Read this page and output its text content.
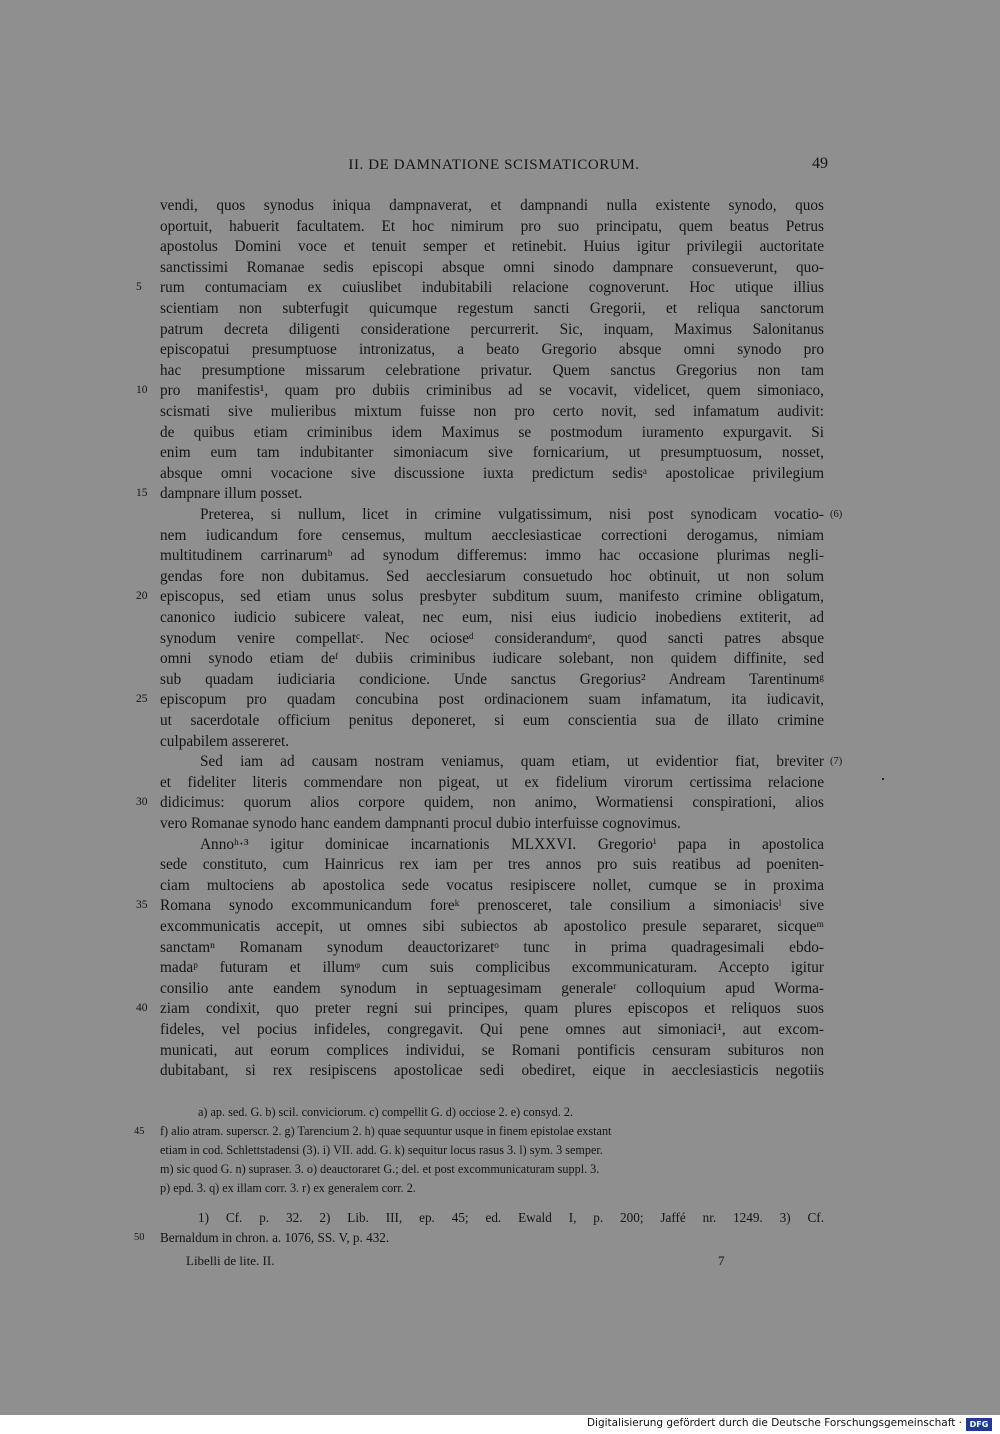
II. DE DAMNATIONE SCISMATICORUM.	49
vendi, quos synodus iniqua dampnaverat, et dampnandi nulla existente synodo, quos
oportuit, habuerit facultatem. Et hoc nimirum pro suo principatu, quem beatus Petrus
apostolus Domini voce et tenuit semper et retinebit. Huius igitur privilegii auctoritate
sanctissimi Romanae sedis episcopi absque omni sinodo dampnare consueverunt, quo-
rum contumaciam ex cuiuslibet indubitabili relacione cognoverunt. Hoc utique illius
scientiam non subterfugit quicumque regestum sancti Gregorii, et reliqua sanctorum
patrum decreta diligenti consideratione percurrerit. Sic, inquam, Maximus Salonitanus
episcopatui presumptuose intronizatus, a beato Gregorio absque omni synodo pro
hac presumptione missarum celebratione privatur. Quem sanctus Gregorius non tam
pro manifestis¹, quam pro dubiis criminibus ad se vocavit, videlicet, quem simoniaco,
scismati sive mulieribus mixtum fuisse non pro certo novit, sed infamatum audivit:
de quibus etiam criminibus idem Maximus se postmodum iuramento expurgavit. Si
enim eum tam indubitanter simoniacum sive fornicarium, ut presumptuosum, nosset,
absque omni vocacione sive discussione iuxta predictum sedisᵃ apostolicae privilegium
dampnare illum posset.
Preterea, si nullum, licet in crimine vulgatissimum, nisi post synodicam vocatio-
nem iudicandum fore censemus, multum aecclesiasticae correctioni derogamus, nimiam
multitudinem carrinarumᵇ ad synodum differemus: immo hac occasione plurimas negli-
gendas fore non dubitamus. Sed aecclesiarum consuetudo hoc obtinuit, ut non solum
episcopus, sed etiam unus solus presbyter subditum suum, manifesto crimine obligatum,
canonico iudicio subicere valeat, nec eum, nisi eius iudicio inobediens extiterit, ad
synodum venire compellatᶜ. Nec ocioseᵈ considerandumᵉ, quod sancti patres absque
omni synodo etiam deᶠ dubiis criminibus iudicare solebant, non quidem diffinite, sed
sub quadam iudiciaria condicione. Unde sanctus Gregorius² Andream Tarentinumᵍ
episcopum pro quadam concubina post ordinacionem suam infamatum, ita iudicavit,
ut sacerdotale officium penitus deponeret, si eum conscientia sua de illato crimine
culpabilem assereret.
Sed iam ad causam nostram veniamus, quam etiam, ut evidentior fiat, breviter
et fideliter literis commendare non pigeat, ut ex fidelium virorum certissima relacione
didicimus: quorum alios corpore quidem, non animo, Wormatiensi conspirationi, alios
vero Romanae synodo hanc eandem dampnanti procul dubio interfuisse cognovimus.
Annoʰ·³ igitur dominicae incarnationis MLXXVI. Gregorioⁱ papa in apostolica
sede constituto, cum Hainricus rex iam per tres annos pro suis reatibus ad poeniten-
ciam multociens ab apostolica sede vocatus resipiscere nollet, cumque se in proxima
Romana synodo excommunicandum foreᵏ prenosceret, tale consilium a simoniacisˡ sive
excommunicatis accepit, ut omnes sibi subiectos ab apostolico presule separaret, sicqueᵐ
sanctamⁿ Romanam synodum deauctorizaretᵒ tunc in prima quadragesimali ebdo-
madaᵖ futuram et illumᵠ cum suis complicibus excommunicaturam. Accepto igitur
consilio ante eandem synodum in septuagesimam generaleʳ colloquium apud Worma-
ziam condixit, quo preter regni sui principes, quam plures episcopos et reliquos suos
fideles, vel pocius infideles, congregavit. Qui pene omnes aut simoniaci¹, aut excom-
municati, aut eorum complices individui, se Romani pontificis censuram subituros non
dubitabant, si rex resipiscens apostolicae sedi obediret, eique in aecclesiasticis negotiis
5
10
15
20
25
30
35
40
(6)
(7)
a) ap. sed. G. b) scil. conviciorum. c) compellit G. d) occiose 2. e) consyd. 2.
f) alio atram. superscr. 2. g) Tarencium 2. h) quae sequuntur usque in finem epistolae exstant
etiam in cod. Schlettstadensi (3). i) VII. add. G. k) sequitur locus rasus 3. l) sym. 3 semper.
m) sic quod G. n) supraser. 3. o) deauctoraret G.; del. et post excommunicaturam suppl. 3.
p) epd. 3. q) ex illam corr. 3. r) ex generalem corr. 2.
45
1) Cf. p. 32. 2) Lib. III, ep. 45; ed. Ewald I, p. 200; Jaffé nr. 1249. 3) Cf.
Bernaldum in chron. a. 1076, SS. V, p. 432.
50
Libelli de lite. II.	7
Digitalisierung gefördert durch die Deutsche Forschungsgemeinschaft · DFG
